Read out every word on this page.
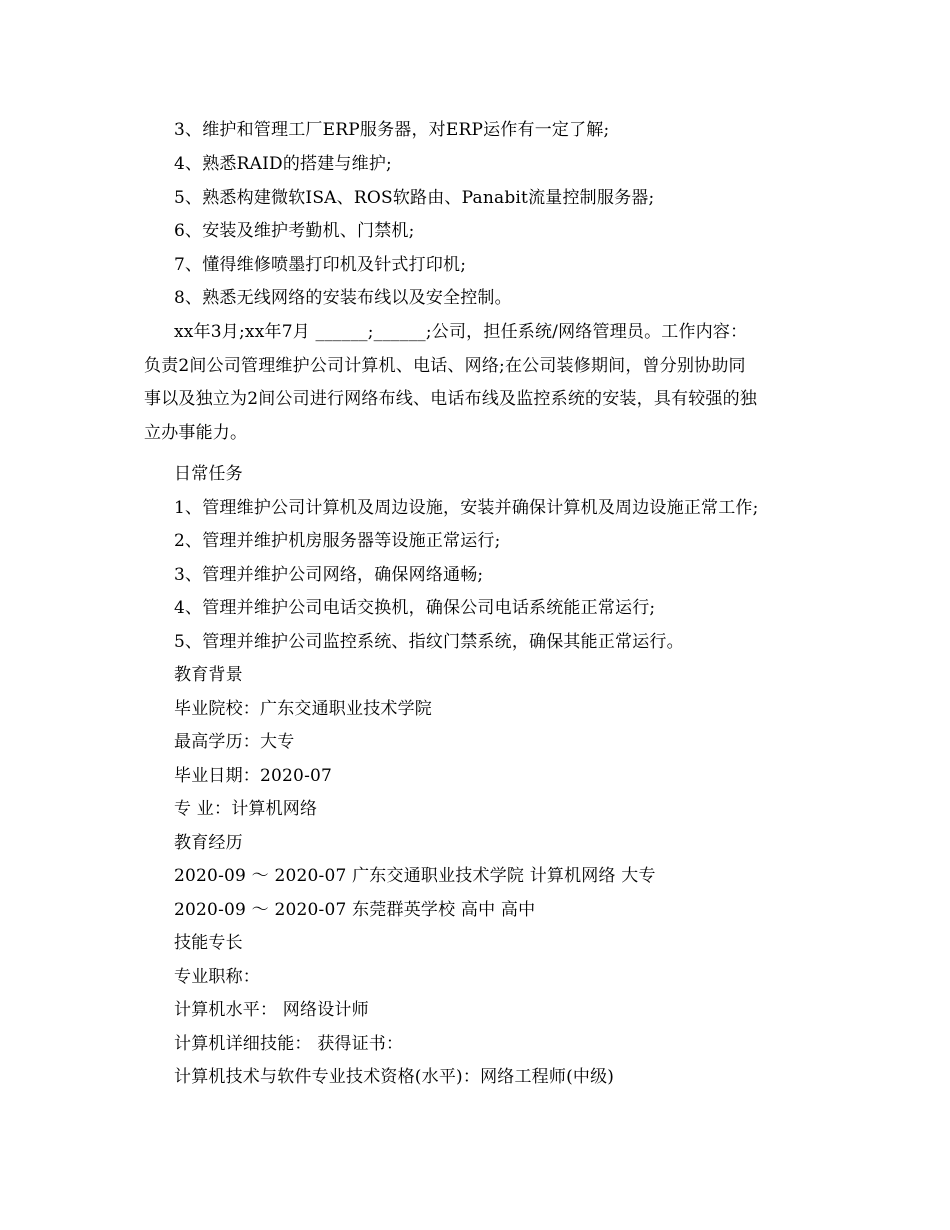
3、维护和管理工厂ERP服务器，对ERP运作有一定了解;
4、熟悉RAID的搭建与维护;
5、熟悉构建微软ISA、ROS软路由、Panabit流量控制服务器;
6、安装及维护考勤机、门禁机;
7、懂得维修喷墨打印机及针式打印机;
8、熟悉无线网络的安装布线以及安全控制。
xx年3月;xx年7月 ______;______;公司，担任系统/网络管理员。工作内容：
负责2间公司管理维护公司计算机、电话、网络;在公司装修期间，曾分别协助同
事以及独立为2间公司进行网络布线、电话布线及监控系统的安装，具有较强的独
立办事能力。
日常任务
1、管理维护公司计算机及周边设施，安装并确保计算机及周边设施正常工作;
2、管理并维护机房服务器等设施正常运行;
3、管理并维护公司网络，确保网络通畅;
4、管理并维护公司电话交换机，确保公司电话系统能正常运行;
5、管理并维护公司监控系统、指纹门禁系统，确保其能正常运行。
教育背景
毕业院校：广东交通职业技术学院
最高学历：大专
毕业日期：2020-07
专 业：计算机网络
教育经历
2020-09 ～ 2020-07 广东交通职业技术学院 计算机网络 大专
2020-09 ～ 2020-07 东莞群英学校 高中 高中
技能专长
专业职称：
计算机水平： 网络设计师
计算机详细技能： 获得证书：
计算机技术与软件专业技术资格(水平)：网络工程师(中级)
